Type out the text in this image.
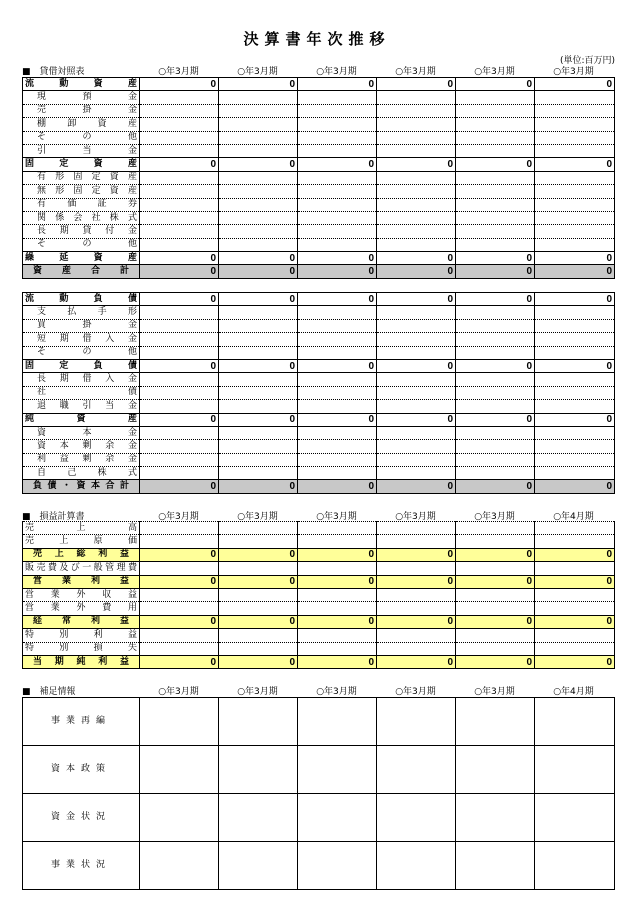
決算書年次推移
(単位:百万円)
■　貸借対照表	○年3月期	○年3月期	○年3月期	○年3月期	○年3月期	○年3月期
流　動　資　産	0	0	0	0	0	0
現　預　金						
売　掛　金						
棚　卸　資　産						
そ　の　他						
引　当　金						
固　定　資　産	0	0	0	0	0	0
有形固定資産						
無形固定資産						
有　価　証　券						
関係会社株式						
長期貸付金						
そ　の　他						
繰　延　資　産	0	0	0	0	0	0
資　産　合　計	0	0	0	0	0	0
流　動　負　債	0	0	0	0	0	0
支　払　手　形						
買　掛　金						
短期借入金						
そ　の　他						
固　定　負　債	0	0	0	0	0	0
長期借入金						
社　債						
退職引当金						
純　資　産	0	0	0	0	0	0
資　本　金						
資本剰余金						
利益剰余金						
自　己　株　式						
負債・資本合計	0	0	0	0	0	0
■　損益計算書	○年3月期	○年3月期	○年3月期	○年3月期	○年3月期	○年4月期
売　上　高						
売　上　原　価						
売上総利益	0	0	0	0	0	0
販売費及び一般管理費						
営　業　利　益	0	0	0	0	0	0
営業外収益						
営業外費用						
経　常　利　益	0	0	0	0	0	0
特　別　利　益						
特　別　損　失						
当期純利益	0	0	0	0	0	0
■　補足情報	○年3月期	○年3月期	○年3月期	○年3月期	○年3月期	○年4月期
事業再編						
資本政策						
資金状況						
事業状況						
